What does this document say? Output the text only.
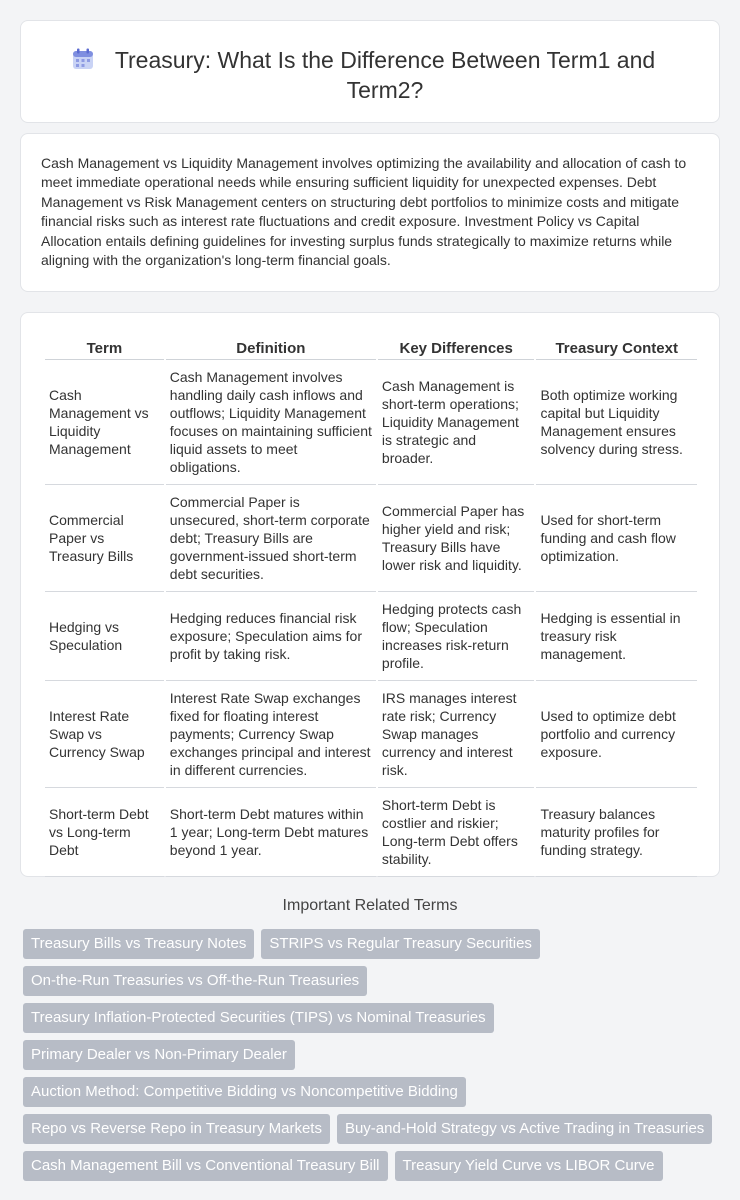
Treasury: What Is the Difference Between Term1 and Term2?

Cash Management vs Liquidity Management involves optimizing the availability and allocation of cash to meet immediate operational needs while ensuring sufficient liquidity for unexpected expenses. Debt Management vs Risk Management centers on structuring debt portfolios to minimize costs and mitigate financial risks such as interest rate fluctuations and credit exposure. Investment Policy vs Capital Allocation entails defining guidelines for investing surplus funds strategically to maximize returns while aligning with the organization's long-term financial goals.

Term	Definition	Key Differences	Treasury Context
Cash Management vs Liquidity Management	Cash Management involves handling daily cash inflows and outflows; Liquidity Management focuses on maintaining sufficient liquid assets to meet obligations.	Cash Management is short-term operations; Liquidity Management is strategic and broader.	Both optimize working capital but Liquidity Management ensures solvency during stress.
Commercial Paper vs Treasury Bills	Commercial Paper is unsecured, short-term corporate debt; Treasury Bills are government-issued short-term debt securities.	Commercial Paper has higher yield and risk; Treasury Bills have lower risk and liquidity.	Used for short-term funding and cash flow optimization.
Hedging vs Speculation	Hedging reduces financial risk exposure; Speculation aims for profit by taking risk.	Hedging protects cash flow; Speculation increases risk-return profile.	Hedging is essential in treasury risk management.
Interest Rate Swap vs Currency Swap	Interest Rate Swap exchanges fixed for floating interest payments; Currency Swap exchanges principal and interest in different currencies.	IRS manages interest rate risk; Currency Swap manages currency and interest risk.	Used to optimize debt portfolio and currency exposure.
Short-term Debt vs Long-term Debt	Short-term Debt matures within 1 year; Long-term Debt matures beyond 1 year.	Short-term Debt is costlier and riskier; Long-term Debt offers stability.	Treasury balances maturity profiles for funding strategy.
Important Related Terms
Treasury Bills vs Treasury Notes	STRIPS vs Regular Treasury Securities
On-the-Run Treasuries vs Off-the-Run Treasuries
Treasury Inflation-Protected Securities (TIPS) vs Nominal Treasuries
Primary Dealer vs Non-Primary Dealer
Auction Method: Competitive Bidding vs Noncompetitive Bidding
Repo vs Reverse Repo in Treasury Markets	Buy-and-Hold Strategy vs Active Trading in Treasuries
Cash Management Bill vs Conventional Treasury Bill	Treasury Yield Curve vs LIBOR Curve
